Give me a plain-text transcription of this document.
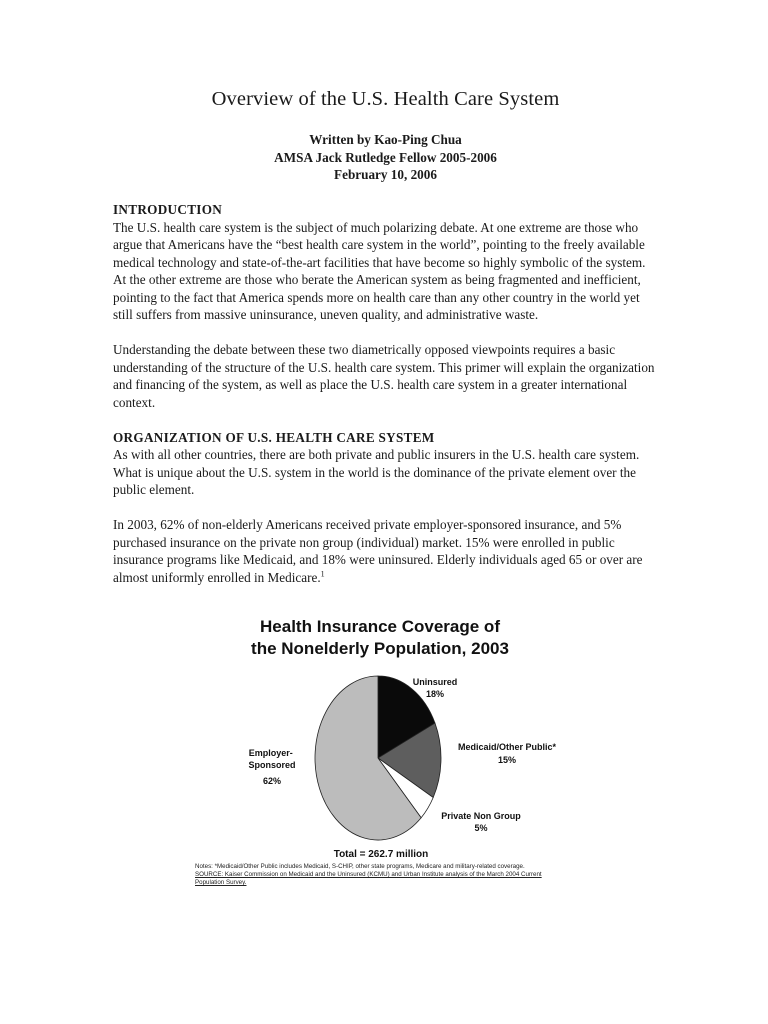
Overview of the U.S. Health Care System
Written by Kao-Ping Chua
AMSA Jack Rutledge Fellow 2005-2006
February 10, 2006
INTRODUCTION

The U.S. health care system is the subject of much polarizing debate. At one extreme are those who argue that Americans have the “best health care system in the world”, pointing to the freely available medical technology and state-of-the-art facilities that have become so highly symbolic of the system. At the other extreme are those who berate the American system as being fragmented and inefficient, pointing to the fact that America spends more on health care than any other country in the world yet still suffers from massive uninsurance, uneven quality, and administrative waste.

Understanding the debate between these two diametrically opposed viewpoints requires a basic understanding of the structure of the U.S. health care system. This primer will explain the organization and financing of the system, as well as place the U.S. health care system in a greater international context.

ORGANIZATION OF U.S. HEALTH CARE SYSTEM

As with all other countries, there are both private and public insurers in the U.S. health care system. What is unique about the U.S. system in the world is the dominance of the private element over the public element.

In 2003, 62% of non-elderly Americans received private employer-sponsored insurance, and 5% purchased insurance on the private non group (individual) market. 15% were enrolled in public insurance programs like Medicaid, and 18% were uninsured. Elderly individuals aged 65 or over are almost uniformly enrolled in Medicare.$^1$

Health Insurance Coverage of
the Nonelderly Population, 2003
Uninsured
18%
Medicaid/Other Public*
15%
Private Non Group
5%
Employer- Sponsored
62%
Total = 262.7 million
Notes: *Medicaid/Other Public includes Medicaid, S-CHIP, other state programs, Medicare and military-related coverage.
SOURCE: Kaiser Commission on Medicaid and the Uninsured (KCMU) and Urban Institute analysis of the March 2004 Current Population Survey.
